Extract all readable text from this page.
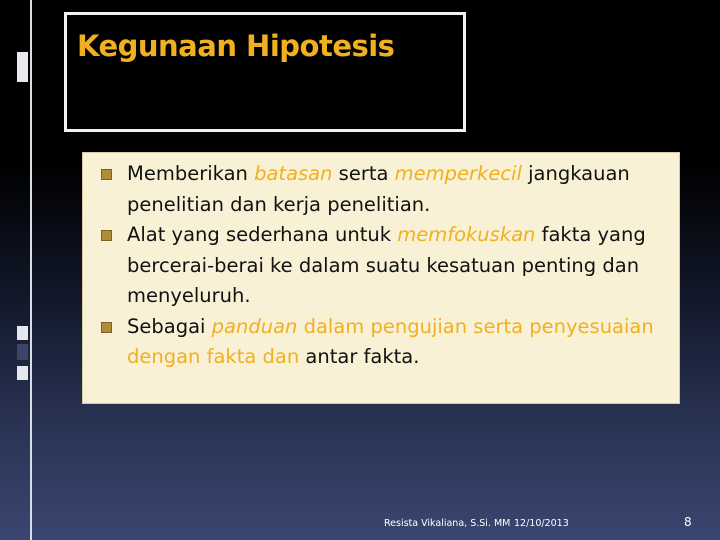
Kegunaan Hipotesis
Memberikan batasan serta memperkecil jangkauan penelitian dan kerja penelitian.
Alat yang sederhana untuk memfokuskan fakta yang bercerai-berai ke dalam suatu kesatuan penting dan menyeluruh.
Sebagai panduan dalam pengujian serta penyesuaian dengan fakta dan antar fakta.
Resista Vikaliana, S.Si. MM 12/10/2013	8
